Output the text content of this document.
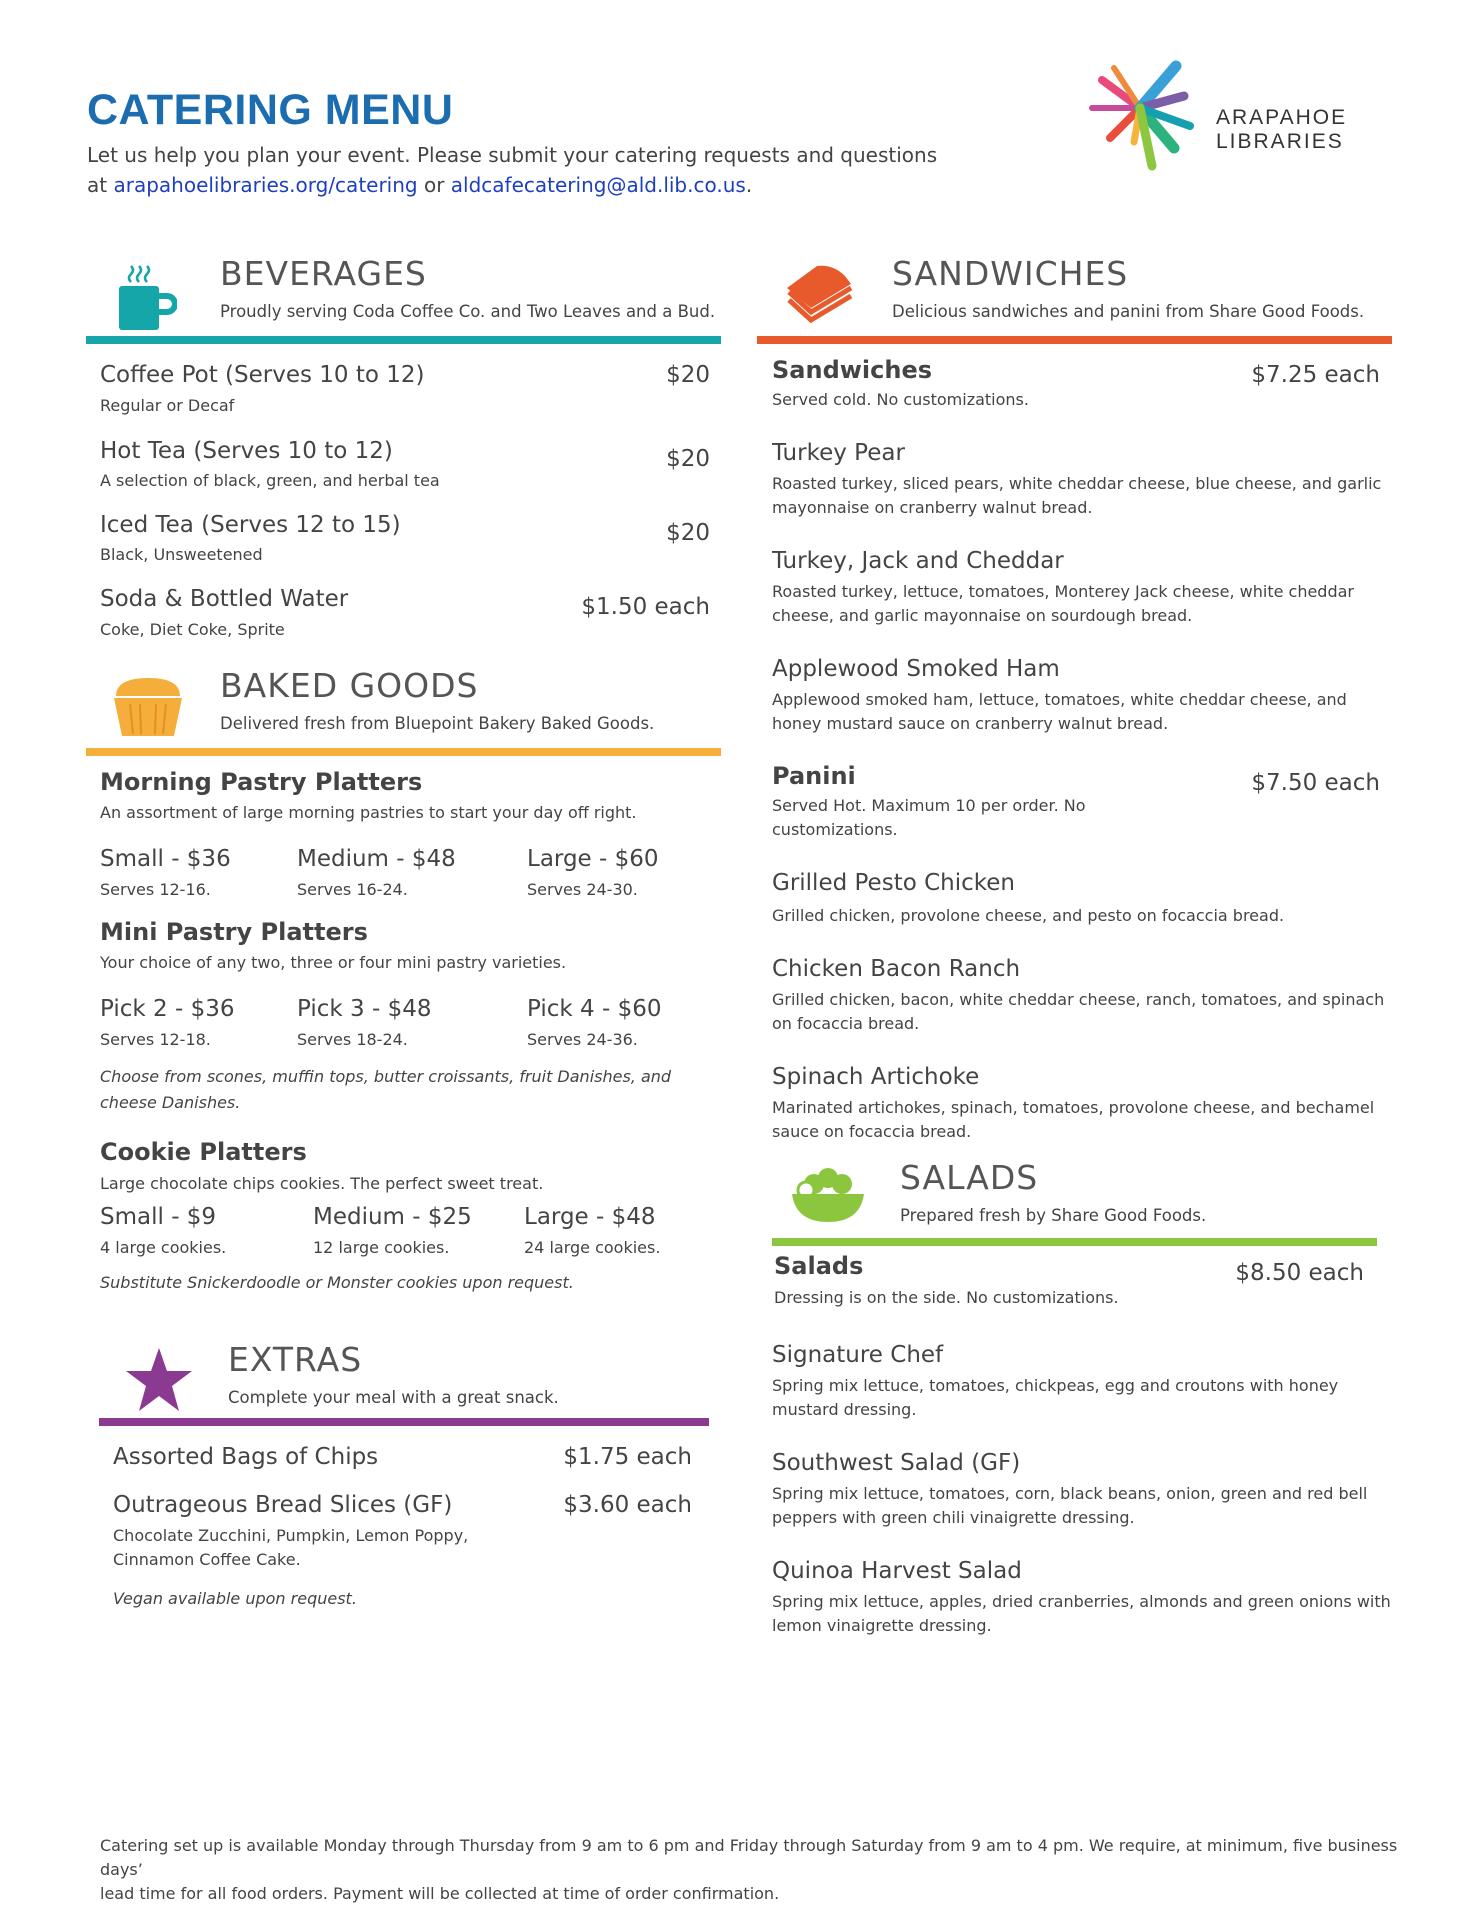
CATERING MENU
Let us help you plan your event. Please submit your catering requests and questions
at arapahoelibraries.org/catering or aldcafecatering@ald.lib.co.us.
ARAPAHOE
LIBRARIES
BEVERAGES
Proudly serving Coda Coffee Co. and Two Leaves and a Bud.
Coffee Pot (Serves 10 to 12)
Regular or Decaf
$20
Hot Tea (Serves 10 to 12)
A selection of black, green, and herbal tea
$20
Iced Tea (Serves 12 to 15)
Black, Unsweetened
$20
Soda & Bottled Water
Coke, Diet Coke, Sprite
$1.50 each
BAKED GOODS
Delivered fresh from Bluepoint Bakery Baked Goods.
Morning Pastry Platters
An assortment of large morning pastries to start your day off right.
Small - $36
Serves 12-16.
Medium - $48
Serves 16-24.
Large - $60
Serves 24-30.
Mini Pastry Platters
Your choice of any two, three or four mini pastry varieties.
Pick 2 - $36
Serves 12-18.
Pick 3 - $48
Serves 18-24.
Pick 4 - $60
Serves 24-36.
Choose from scones, muffin tops, butter croissants, fruit Danishes, and
cheese Danishes.
Cookie Platters
Large chocolate chips cookies. The perfect sweet treat.
Small - $9
4 large cookies.
Medium - $25
12 large cookies.
Large - $48
24 large cookies.
Substitute Snickerdoodle or Monster cookies upon request.
EXTRAS
Complete your meal with a great snack.
Assorted Bags of Chips	$1.75 each
Outrageous Bread Slices (GF)	$3.60 each
Chocolate Zucchini, Pumpkin, Lemon Poppy,
Cinnamon Coffee Cake.
Vegan available upon request.
SANDWICHES
Delicious sandwiches and panini from Share Good Foods.
Sandwiches	$7.25 each
Served cold. No customizations.
Turkey Pear
Roasted turkey, sliced pears, white cheddar cheese, blue cheese, and garlic
mayonnaise on cranberry walnut bread.
Turkey, Jack and Cheddar
Roasted turkey, lettuce, tomatoes, Monterey Jack cheese, white cheddar
cheese, and garlic mayonnaise on sourdough bread.
Applewood Smoked Ham
Applewood smoked ham, lettuce, tomatoes, white cheddar cheese, and
honey mustard sauce on cranberry walnut bread.
Panini	$7.50 each
Served Hot. Maximum 10 per order. No
customizations.
Grilled Pesto Chicken
Grilled chicken, provolone cheese, and pesto on focaccia bread.
Chicken Bacon Ranch
Grilled chicken, bacon, white cheddar cheese, ranch, tomatoes, and spinach
on focaccia bread.
Spinach Artichoke
Marinated artichokes, spinach, tomatoes, provolone cheese, and bechamel
sauce on focaccia bread.
SALADS
Prepared fresh by Share Good Foods.
Salads	$8.50 each
Dressing is on the side. No customizations.
Signature Chef
Spring mix lettuce, tomatoes, chickpeas, egg and croutons with honey
mustard dressing.
Southwest Salad (GF)
Spring mix lettuce, tomatoes, corn, black beans, onion, green and red bell
peppers with green chili vinaigrette dressing.
Quinoa Harvest Salad
Spring mix lettuce, apples, dried cranberries, almonds and green onions with
lemon vinaigrette dressing.
Catering set up is available Monday through Thursday from 9 am to 6 pm and Friday through Saturday from 9 am to 4 pm. We require, at minimum, five business days’
lead time for all food orders. Payment will be collected at time of order confirmation.
